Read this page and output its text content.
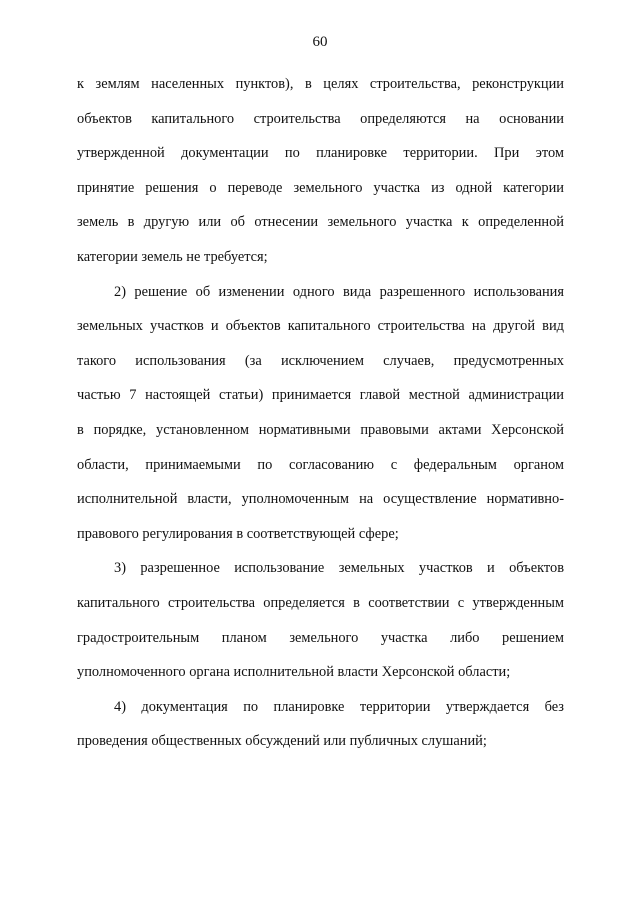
60
к землям населенных пунктов), в целях строительства, реконструкции
объектов капитального строительства определяются на основании
утвержденной документации по планировке территории. При этом
принятие решения о переводе земельного участка из одной категории
земель в другую или об отнесении земельного участка к определенной
категории земель не требуется;
2) решение об изменении одного вида разрешенного использования
земельных участков и объектов капитального строительства на другой вид
такого использования (за исключением случаев, предусмотренных
частью 7 настоящей статьи) принимается главой местной администрации
в порядке, установленном нормативными правовыми актами Херсонской
области, принимаемыми по согласованию с федеральным органом
исполнительной власти, уполномоченным на осуществление нормативно-
правового регулирования в соответствующей сфере;
3) разрешенное использование земельных участков и объектов
капитального строительства определяется в соответствии с утвержденным
градостроительным планом земельного участка либо решением
уполномоченного органа исполнительной власти Херсонской области;
4) документация по планировке территории утверждается без
проведения общественных обсуждений или публичных слушаний;
